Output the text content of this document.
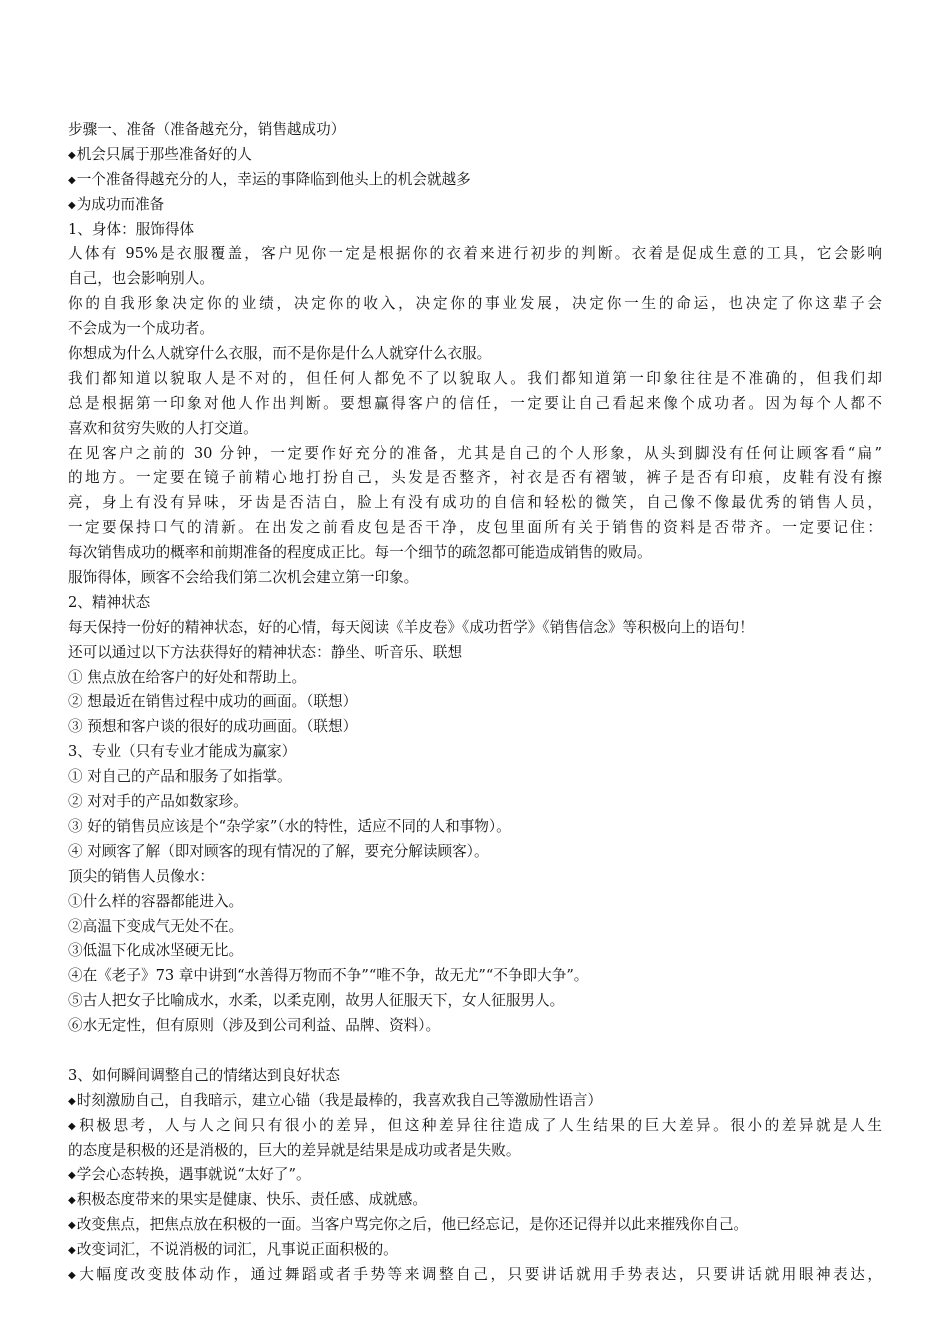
步骤一、准备（准备越充分，销售越成功）
◆机会只属于那些准备好的人
◆一个准备得越充分的人，幸运的事降临到他头上的机会就越多
◆为成功而准备
1、身体：服饰得体
人体有 95%是衣服覆盖，客户见你一定是根据你的衣着来进行初步的判断。衣着是促成生意的工具，它会影响
自己，也会影响别人。
你的自我形象决定你的业绩，决定你的收入，决定你的事业发展，决定你一生的命运，也决定了你这辈子会
不会成为一个成功者。
你想成为什么人就穿什么衣服，而不是你是什么人就穿什么衣服。
我们都知道以貌取人是不对的，但任何人都免不了以貌取人。我们都知道第一印象往往是不准确的，但我们却
总是根据第一印象对他人作出判断。要想赢得客户的信任，一定要让自己看起来像个成功者。因为每个人都不
喜欢和贫穷失败的人打交道。
在见客户之前的 30 分钟，一定要作好充分的准备，尤其是自己的个人形象，从头到脚没有任何让顾客看“扁”
的地方。一定要在镜子前精心地打扮自己，头发是否整齐，衬衣是否有褶皱，裤子是否有印痕，皮鞋有没有擦
亮，身上有没有异味，牙齿是否洁白，脸上有没有成功的自信和轻松的微笑，自己像不像最优秀的销售人员，
一定要保持口气的清新。在出发之前看皮包是否干净，皮包里面所有关于销售的资料是否带齐。一定要记住：
每次销售成功的概率和前期准备的程度成正比。每一个细节的疏忽都可能造成销售的败局。
服饰得体，顾客不会给我们第二次机会建立第一印象。
2、精神状态
每天保持一份好的精神状态，好的心情，每天阅读《羊皮卷》《成功哲学》《销售信念》等积极向上的语句！
还可以通过以下方法获得好的精神状态：静坐、听音乐、联想
① 焦点放在给客户的好处和帮助上。
② 想最近在销售过程中成功的画面。（联想）
③ 预想和客户谈的很好的成功画面。（联想）
3、专业（只有专业才能成为赢家）
① 对自己的产品和服务了如指掌。
② 对对手的产品如数家珍。
③ 好的销售员应该是个“杂学家”（水的特性，适应不同的人和事物）。
④ 对顾客了解（即对顾客的现有情况的了解，要充分解读顾客）。
顶尖的销售人员像水：
①什么样的容器都能进入。
②高温下变成气无处不在。
③低温下化成冰坚硬无比。
④在《老子》73 章中讲到“水善得万物而不争”“唯不争，故无尤”“不争即大争”。
⑤古人把女子比喻成水，水柔，以柔克刚，故男人征服天下，女人征服男人。
⑥水无定性，但有原则（涉及到公司利益、品牌、资料）。
3、如何瞬间调整自己的情绪达到良好状态
◆时刻激励自己，自我暗示，建立心锚（我是最棒的，我喜欢我自己等激励性语言）
◆积极思考，人与人之间只有很小的差异，但这种差异往往造成了人生结果的巨大差异。很小的差异就是人生
的态度是积极的还是消极的，巨大的差异就是结果是成功或者是失败。
◆学会心态转换，遇事就说“太好了”。
◆积极态度带来的果实是健康、快乐、责任感、成就感。
◆改变焦点，把焦点放在积极的一面。当客户骂完你之后，他已经忘记，是你还记得并以此来摧残你自己。
◆改变词汇，不说消极的词汇，凡事说正面积极的。
◆大幅度改变肢体动作，通过舞蹈或者手势等来调整自己，只要讲话就用手势表达，只要讲话就用眼神表达，
